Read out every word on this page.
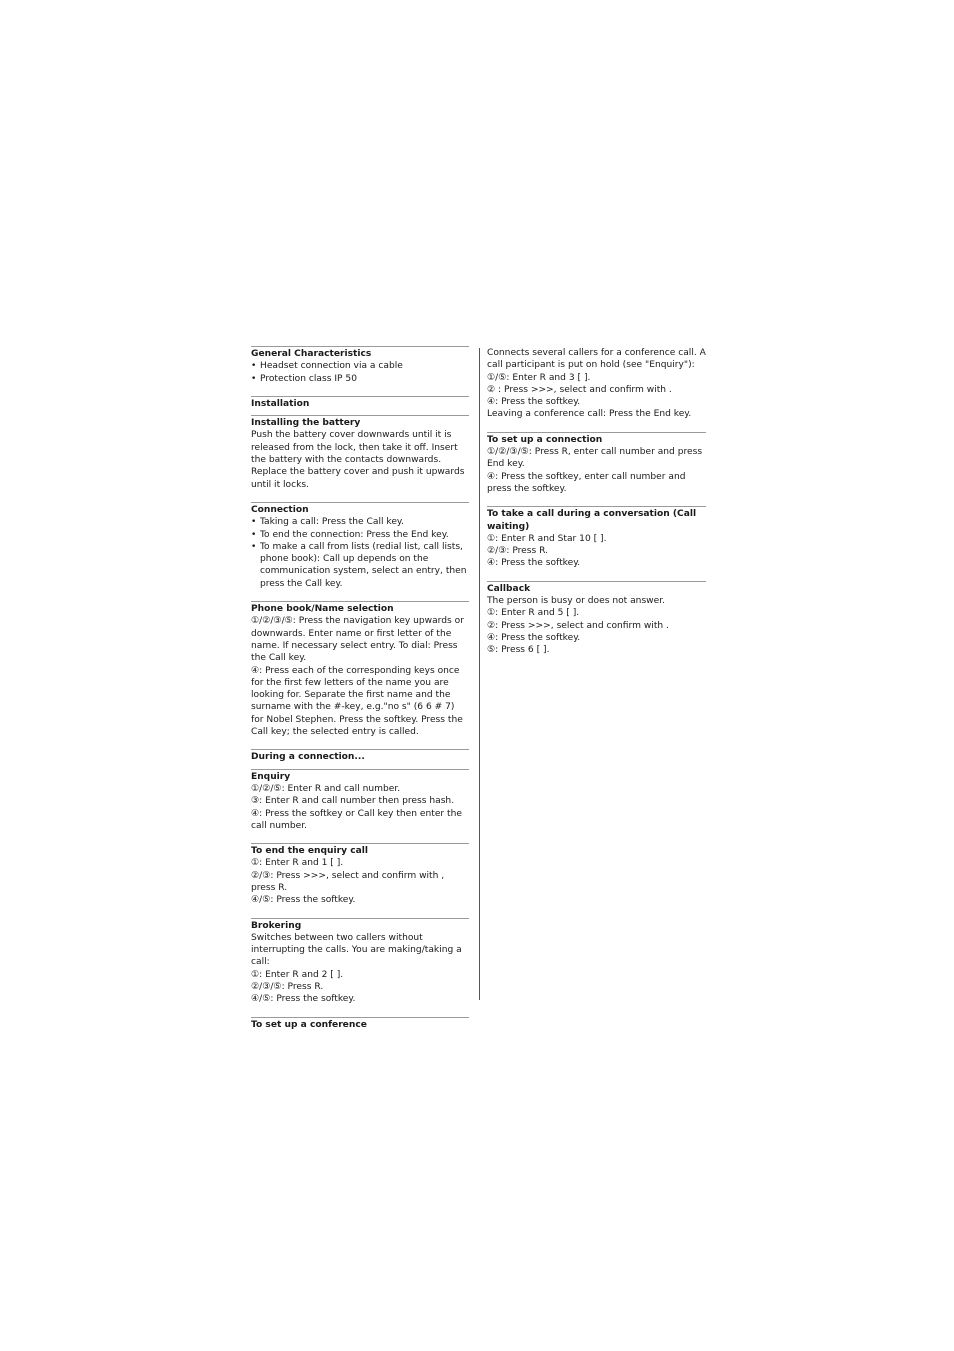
General Characteristics
• Headset connection via a cable
• Protection class IP 50
Installation
Installing the battery

Push the battery cover downwards until it is released from the lock, then take it off. Insert the battery with the contacts downwards. Replace the battery cover and push it upwards until it locks.

Connection
• Taking a call: Press the Call key.
• To end the connection: Press the End key.
• To make a call from lists (redial list, call lists, phone book): Call up depends on the communication system, select an entry, then press the Call key.
Phone book/Name selection

①/②/③/⑤: Press the navigation key upwards or downwards. Enter name or first letter of the name. If necessary select entry. To dial: Press the Call key.

④: Press each of the corresponding keys once for the first few letters of the name you are looking for. Separate the first name and the surname with the #-key, e.g."no s" (6 6 # 7) for Nobel Stephen. Press the softkey. Press the Call key; the selected entry is called.

During a connection...
Enquiry

①/②/⑤: Enter R and call number.

③: Enter R and call number then press hash.

④: Press the softkey or Call key then enter the call number.

To end the enquiry call

①: Enter R and 1 [ ].

②/③: Press >>>, select and confirm with , press R.

④/⑤: Press the softkey.

Brokering

Switches between two callers without interrupting the calls. You are making/taking a call:

①: Enter R and 2 [ ].

②/③/⑤: Press R.

④/⑤: Press the softkey.

To set up a conference

Connects several callers for a conference call. A call participant is put on hold (see "Enquiry"):

①/⑤: Enter R and 3 [ ].

② : Press >>>, select and confirm with .

④: Press the softkey.

Leaving a conference call: Press the End key.

To set up a connection

①/②/③/⑤: Press R, enter call number and press End key.

④: Press the softkey, enter call number and press the softkey.

To take a call during a conversation (Call waiting)

①: Enter R and Star 10 [ ].

②/③: Press R.

④: Press the softkey.

Callback

The person is busy or does not answer.

①: Enter R and 5 [ ].

②: Press >>>, select and confirm with .

④: Press the softkey.

⑤: Press 6 [ ].
